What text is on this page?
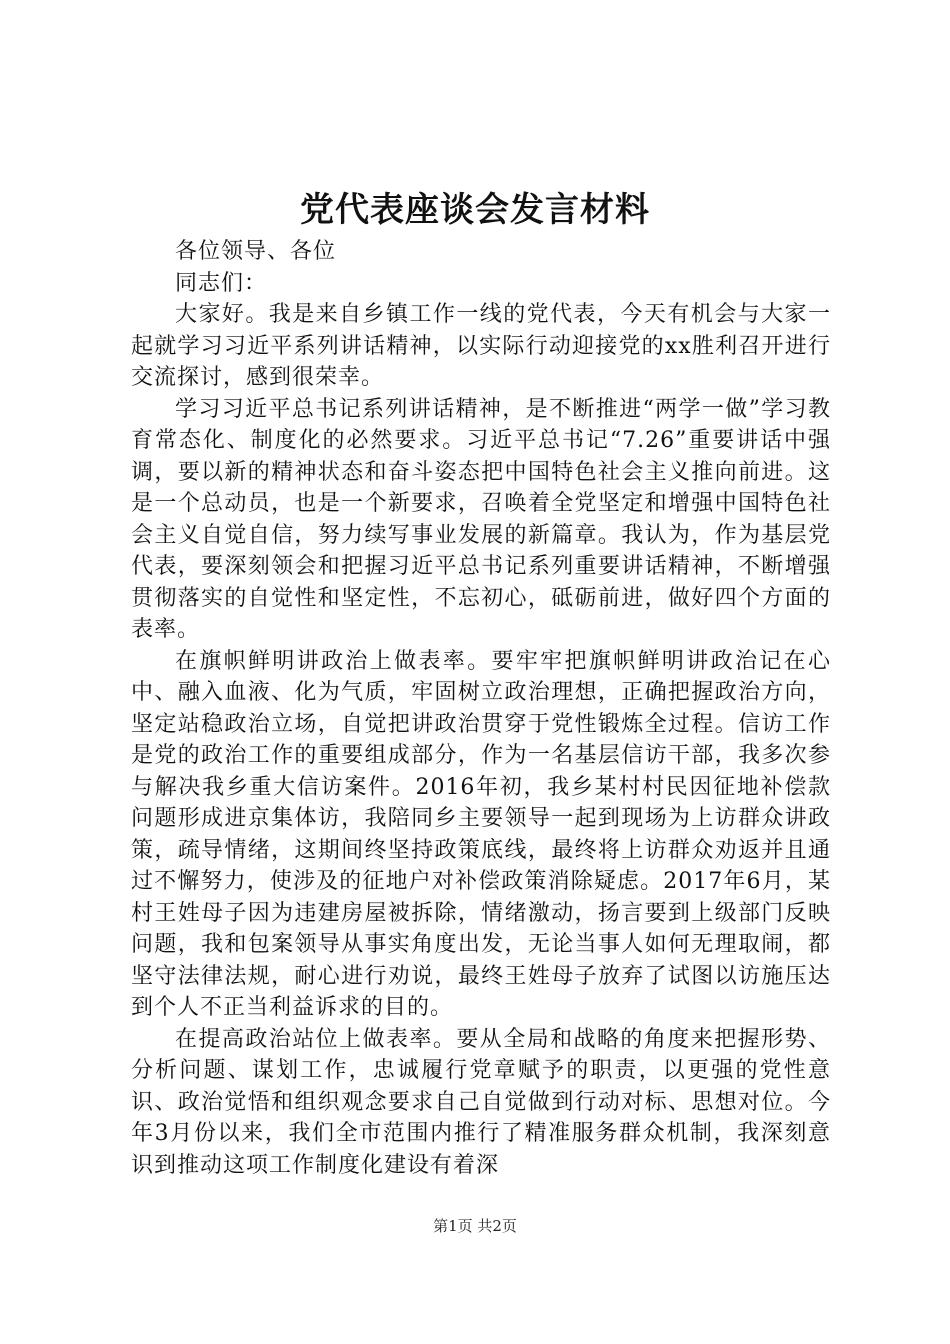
党代表座谈会发言材料

各位领导、各位

同志们：

大家好。我是来自乡镇工作一线的党代表，今天有机会与大家一起就学习习近平系列讲话精神，以实际行动迎接党的xx胜利召开进行交流探讨，感到很荣幸。

学习习近平总书记系列讲话精神，是不断推进“两学一做”学习教育常态化、制度化的必然要求。习近平总书记“7.26”重要讲话中强调，要以新的精神状态和奋斗姿态把中国特色社会主义推向前进。这是一个总动员，也是一个新要求，召唤着全党坚定和增强中国特色社会主义自觉自信，努力续写事业发展的新篇章。我认为，作为基层党代表，要深刻领会和把握习近平总书记系列重要讲话精神，不断增强贯彻落实的自觉性和坚定性，不忘初心，砥砺前进，做好四个方面的表率。

在旗帜鲜明讲政治上做表率。要牢牢把旗帜鲜明讲政治记在心中、融入血液、化为气质，牢固树立政治理想，正确把握政治方向，坚定站稳政治立场，自觉把讲政治贯穿于党性锻炼全过程。信访工作是党的政治工作的重要组成部分，作为一名基层信访干部，我多次参与解决我乡重大信访案件。2016年初，我乡某村村民因征地补偿款问题形成进京集体访，我陪同乡主要领导一起到现场为上访群众讲政策，疏导情绪，这期间终坚持政策底线，最终将上访群众劝返并且通过不懈努力，使涉及的征地户对补偿政策消除疑虑。2017年6月，某村王姓母子因为违建房屋被拆除，情绪激动，扬言要到上级部门反映问题，我和包案领导从事实角度出发，无论当事人如何无理取闹，都坚守法律法规，耐心进行劝说，最终王姓母子放弃了试图以访施压达到个人不正当利益诉求的目的。

在提高政治站位上做表率。要从全局和战略的角度来把握形势、分析问题、谋划工作，忠诚履行党章赋予的职责，以更强的党性意识、政治觉悟和组织观念要求自己自觉做到行动对标、思想对位。今年3月份以来，我们全市范围内推行了精准服务群众机制，我深刻意识到推动这项工作制度化建设有着深

第1页 共2页
